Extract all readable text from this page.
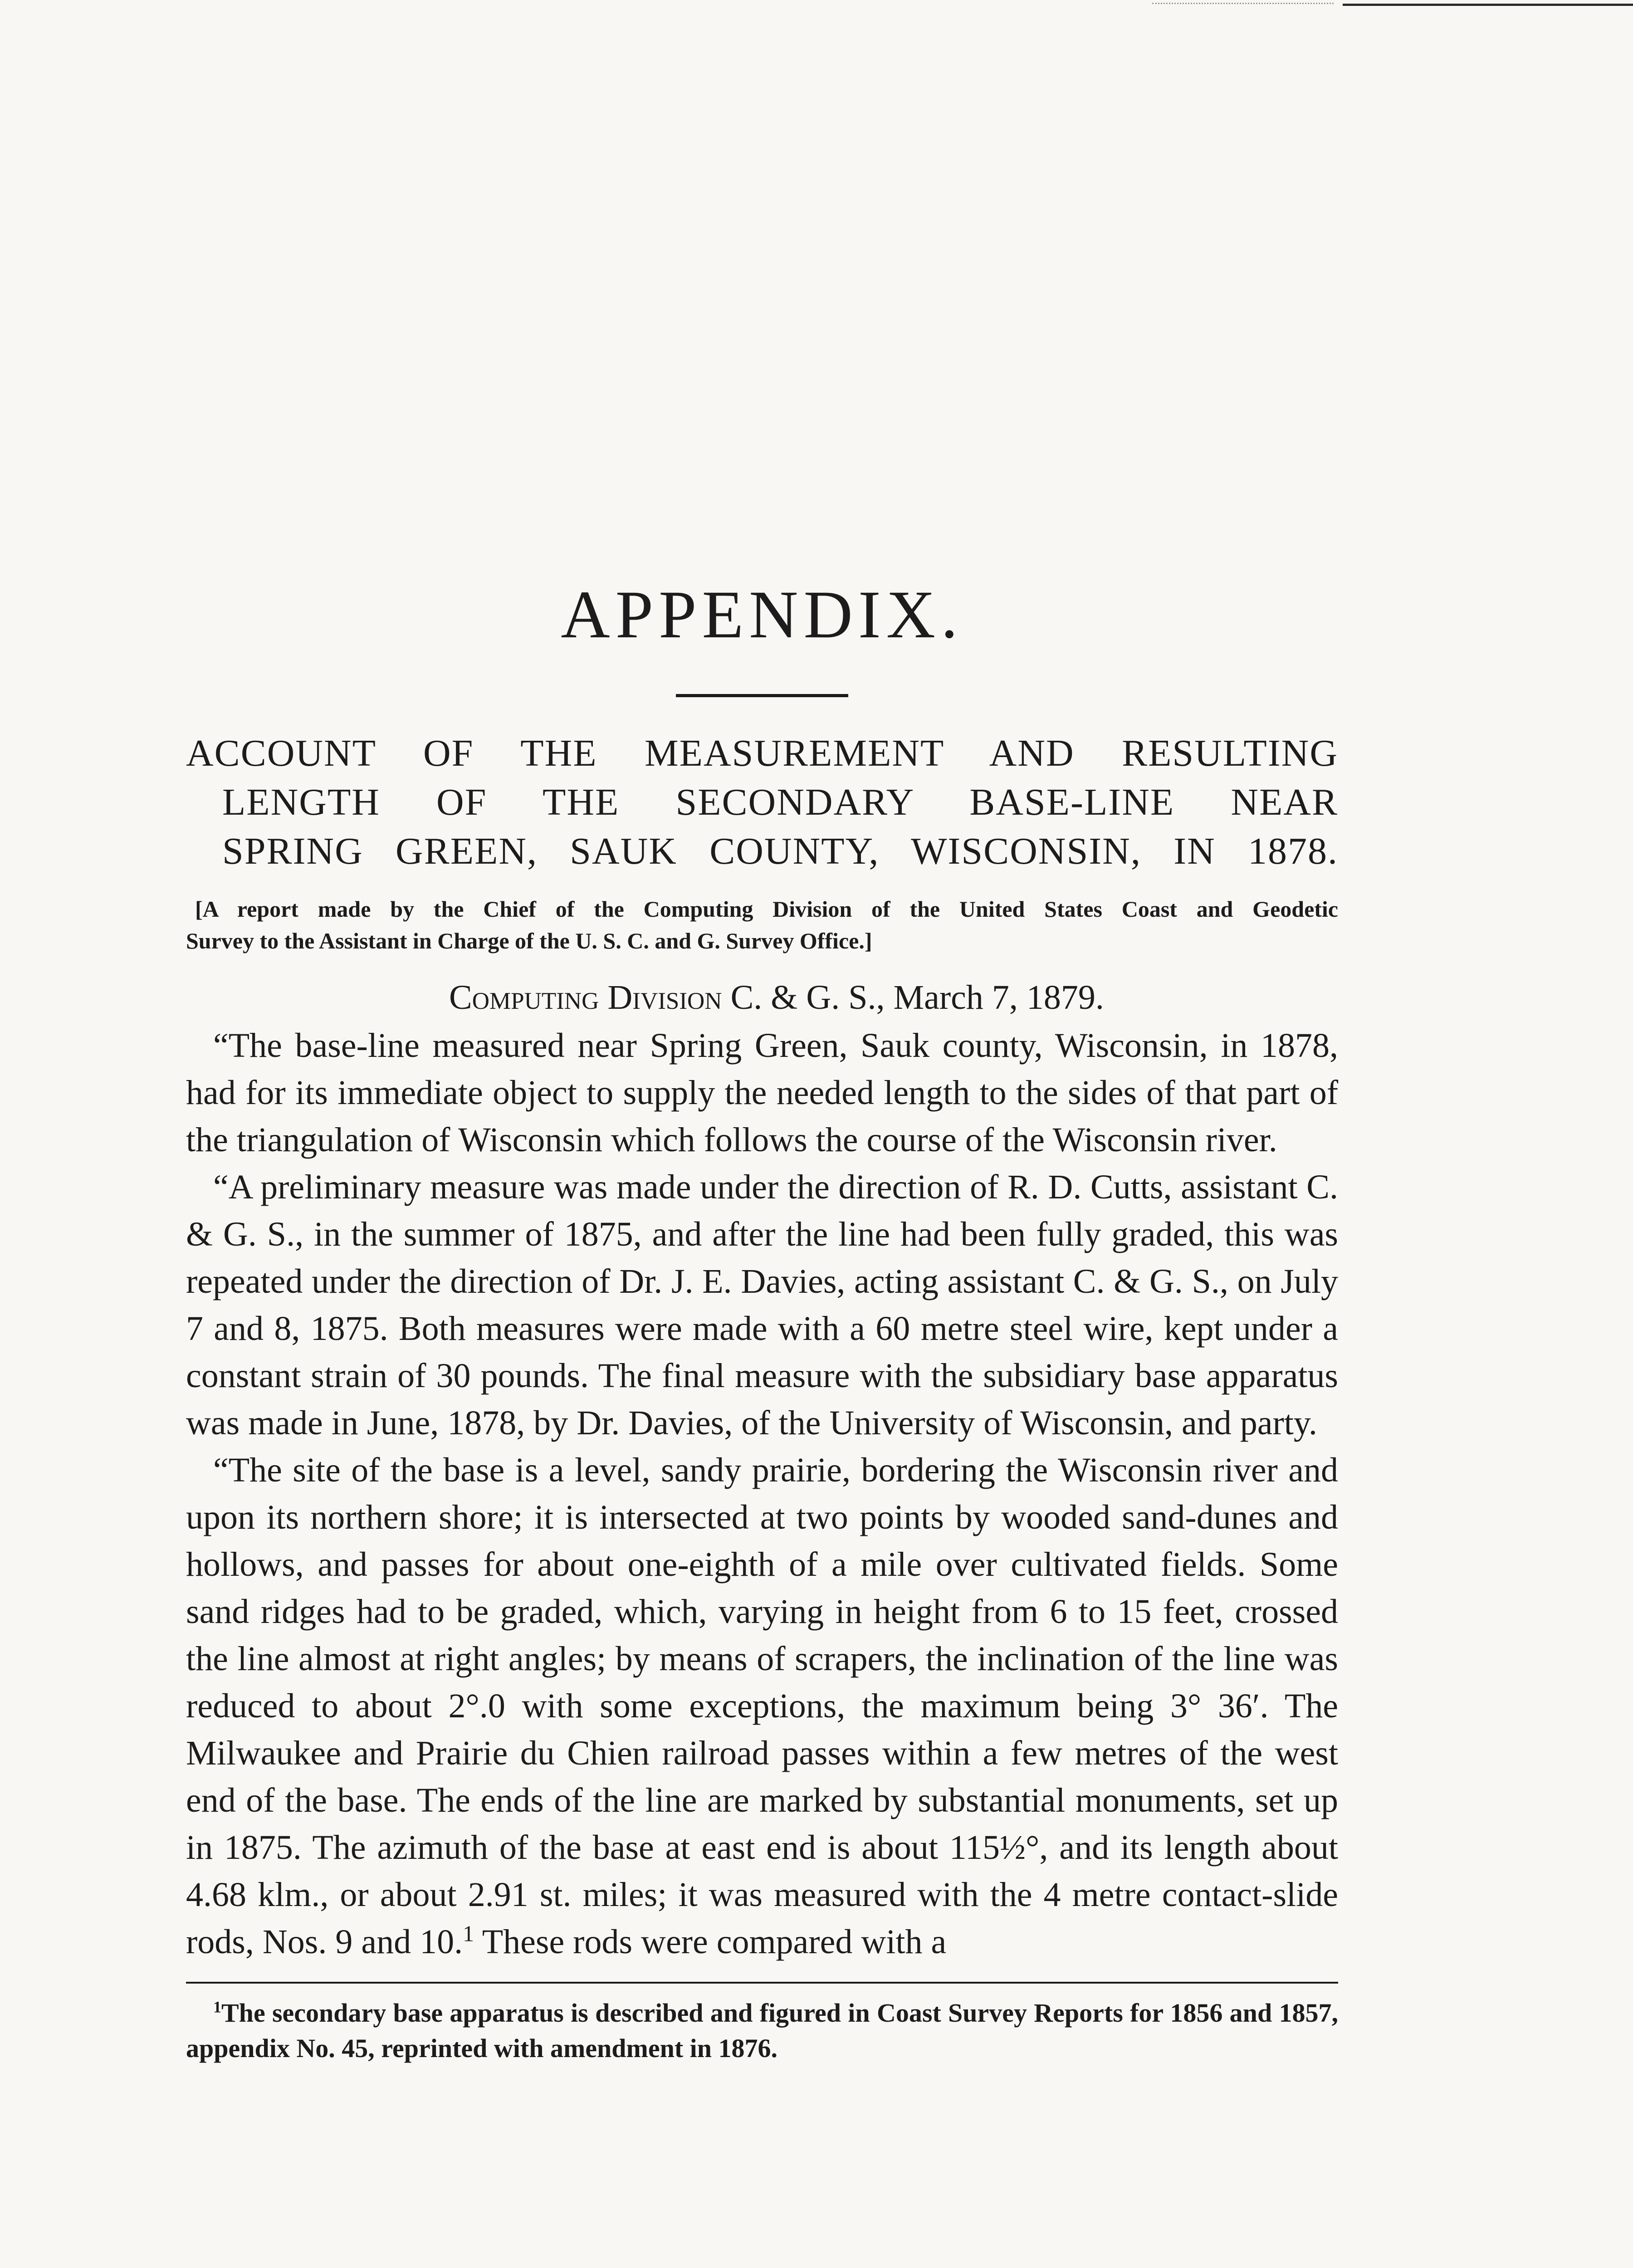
APPENDIX.
ACCOUNT OF THE MEASUREMENT AND RESULTING
LENGTH OF THE SECONDARY BASE-LINE NEAR
SPRING GREEN, SAUK COUNTY, WISCONSIN, IN 1878.
[A report made by the Chief of the Computing Division of the United States Coast and Geodetic
Survey to the Assistant in Charge of the U. S. C. and G. Survey Office.]
Computing Division C. & G. S., March 7, 1879.

“The base-line measured near Spring Green, Sauk county, Wisconsin, in 1878, had for its immediate object to supply the needed length to the sides of that part of the triangulation of Wisconsin which follows the course of the Wisconsin river.

“A preliminary measure was made under the direction of R. D. Cutts, assistant C. & G. S., in the summer of 1875, and after the line had been fully graded, this was repeated under the direction of Dr. J. E. Davies, acting assistant C. & G. S., on July 7 and 8, 1875. Both measures were made with a 60 metre steel wire, kept under a constant strain of 30 pounds. The final measure with the subsidiary base apparatus was made in June, 1878, by Dr. Davies, of the University of Wisconsin, and party.

“The site of the base is a level, sandy prairie, bordering the Wisconsin river and upon its northern shore; it is intersected at two points by wooded sand-dunes and hollows, and passes for about one-eighth of a mile over cultivated fields. Some sand ridges had to be graded, which, varying in height from 6 to 15 feet, crossed the line almost at right angles; by means of scrapers, the inclination of the line was reduced to about 2°.0 with some exceptions, the maximum being 3° 36′. The Milwaukee and Prairie du Chien railroad passes within a few metres of the west end of the base. The ends of the line are marked by substantial monuments, set up in 1875. The azimuth of the base at east end is about 115½°, and its length about 4.68 klm., or about 2.91 st. miles; it was measured with the 4 metre contact-slide rods, Nos. 9 and 10.$^1$ These rods were compared with a

$^1$The secondary base apparatus is described and figured in Coast Survey Reports for 1856 and 1857, appendix No. 45, reprinted with amendment in 1876.
